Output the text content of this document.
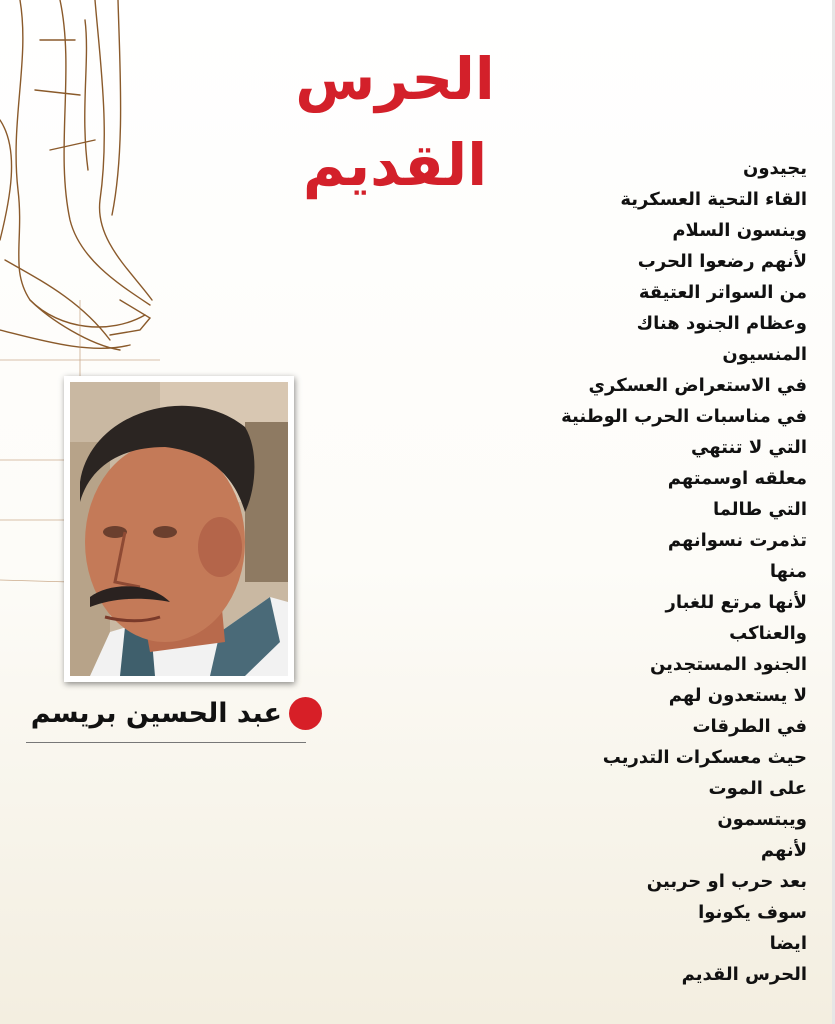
الحرس القديم	يجيدون
القاء التحية العسكرية
وينسون السلام
لأنهم رضعوا الحرب
من السواتر العتيقة
وعظام الجنود هناك
المنسيون
في الاستعراض العسكري
في مناسبات الحرب الوطنية
التي لا تنتهي
معلقه اوسمتهم
التي طالما
تذمرت نسوانهم
منها
لأنها مرتع للغبار
والعناكب
الجنود المستجدين
لا يستعدون لهم
في الطرقات
حيث معسكرات التدريب
على الموت
ويبتسمون
لأنهم
بعد حرب او حربين
سوف يكونوا
ايضا
الحرس القديم
عبد الحسين بريسم
